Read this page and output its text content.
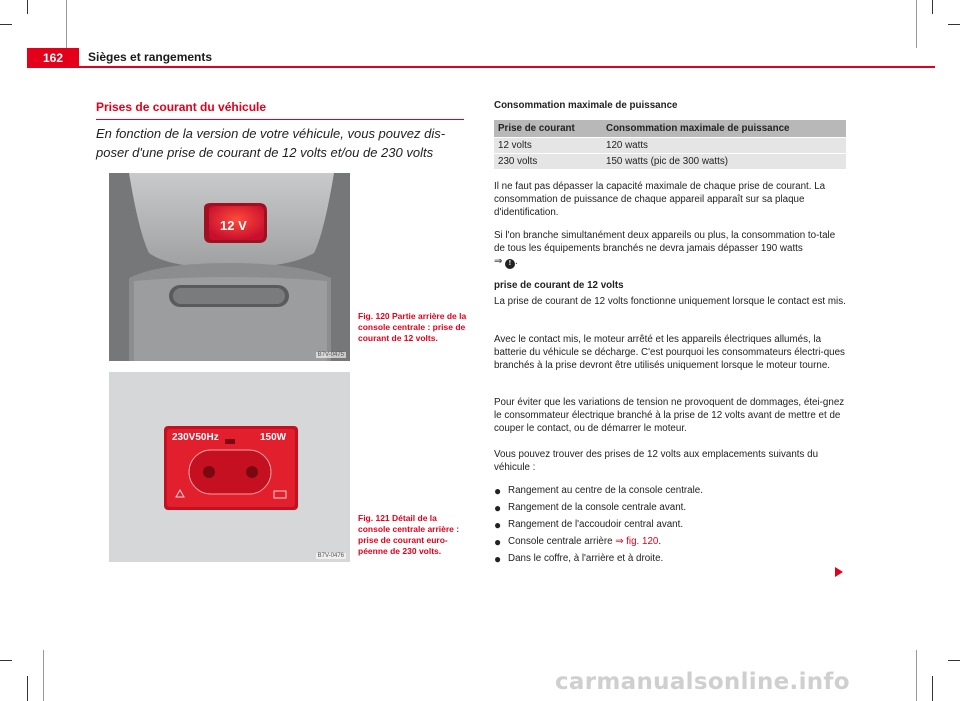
162	Sièges et rangements
Prises de courant du véhicule
En fonction de la version de votre véhicule, vous pouvez dis-poser d'une prise de courant de 12 volts et/ou de 230 volts
12 V
B7V-0475
Fig. 120 Partie arrière de la console centrale : prise de courant de 12 volts.
230V50Hz	150W
B7V-0476
Fig. 121 Détail de la console centrale arrière : prise de courant euro-péenne de 230 volts.
Consommation maximale de puissance
Prise de courant	Consommation maximale de puissance
12 volts	120 watts
230 volts	150 watts (pic de 300 watts)
Il ne faut pas dépasser la capacité maximale de chaque prise de courant. La consommation de puissance de chaque appareil apparaît sur sa plaque d'identification.
Si l'on branche simultanément deux appareils ou plus, la consommation to-tale de tous les équipements branchés ne devra jamais dépasser 190 watts
⇒ ! .
prise de courant de 12 volts
La prise de courant de 12 volts fonctionne uniquement lorsque le contact est mis.
Avec le contact mis, le moteur arrêté et les appareils électriques allumés, la batterie du véhicule se décharge. C'est pourquoi les consommateurs électri-ques branchés à la prise devront être utilisés uniquement lorsque le moteur tourne.
Pour éviter que les variations de tension ne provoquent de dommages, étei-gnez le consommateur électrique branché à la prise de 12 volts avant de mettre et de couper le contact, ou de démarrer le moteur.
Vous pouvez trouver des prises de 12 volts aux emplacements suivants du véhicule :
● Rangement au centre de la console centrale.
● Rangement de la console centrale avant.
● Rangement de l'accoudoir central avant.
● Console centrale arrière ⇒ fig. 120.
● Dans le coffre, à l'arrière et à droite.
carmanualsonline.info
